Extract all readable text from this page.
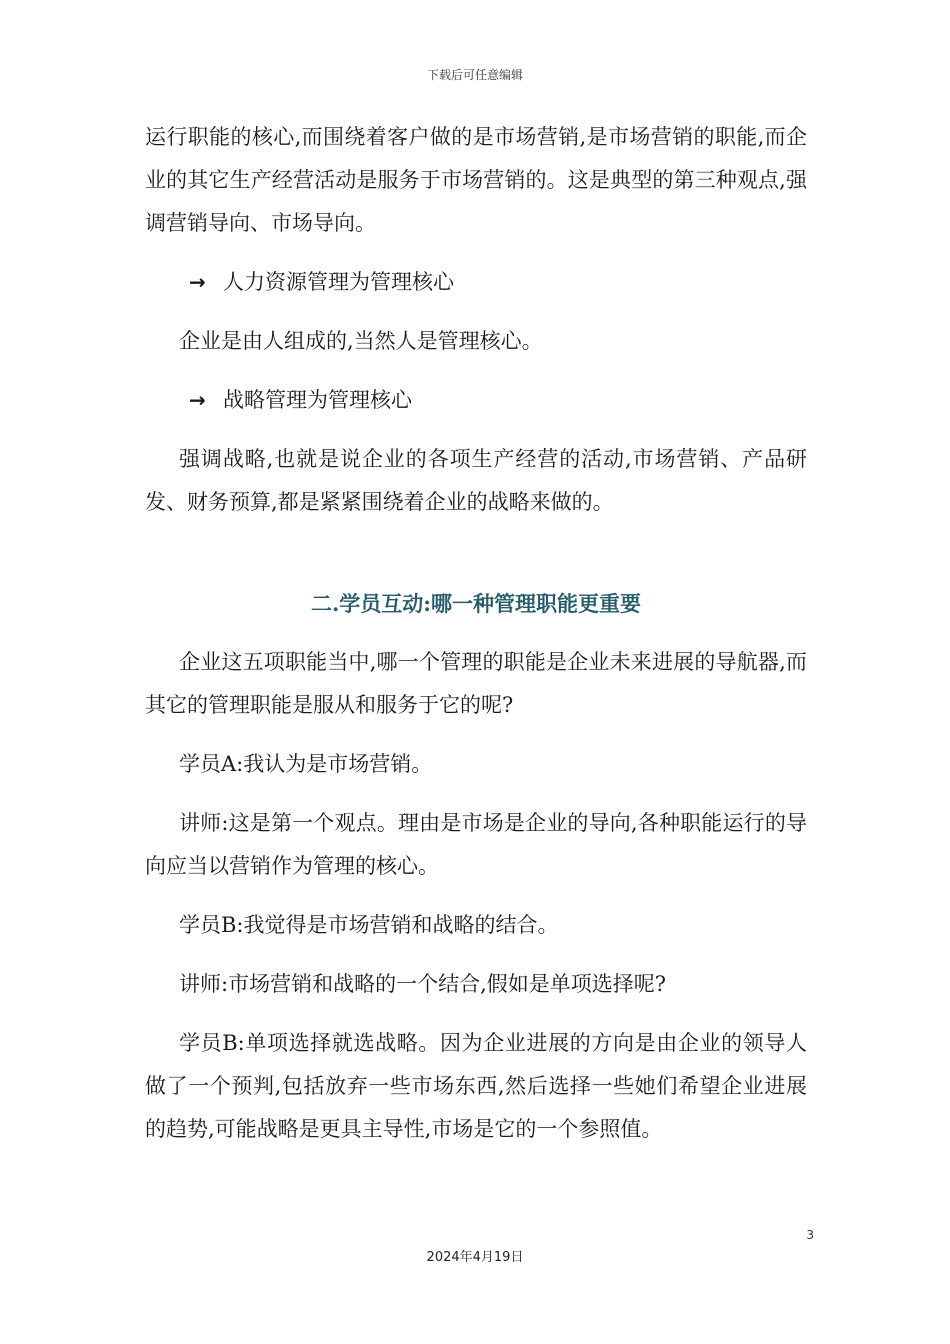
下载后可任意编辑

运行职能的核心,而围绕着客户做的是市场营销,是市场营销的职能,而企业的其它生产经营活动是服务于市场营销的。这是典型的第三种观点,强调营销导向、市场导向。

→ 人力资源管理为管理核心

企业是由人组成的,当然人是管理核心。

→ 战略管理为管理核心

强调战略,也就是说企业的各项生产经营的活动,市场营销、产品研发、财务预算,都是紧紧围绕着企业的战略来做的。

二.学员互动:哪一种管理职能更重要

企业这五项职能当中,哪一个管理的职能是企业未来进展的导航器,而其它的管理职能是服从和服务于它的呢?

学员A:我认为是市场营销。

讲师:这是第一个观点。理由是市场是企业的导向,各种职能运行的导向应当以营销作为管理的核心。

学员B:我觉得是市场营销和战略的结合。

讲师:市场营销和战略的一个结合,假如是单项选择呢?

学员B:单项选择就选战略。因为企业进展的方向是由企业的领导人做了一个预判,包括放弃一些市场东西,然后选择一些她们希望企业进展的趋势,可能战略是更具主导性,市场是它的一个参照值。

3
2024年4月19日
